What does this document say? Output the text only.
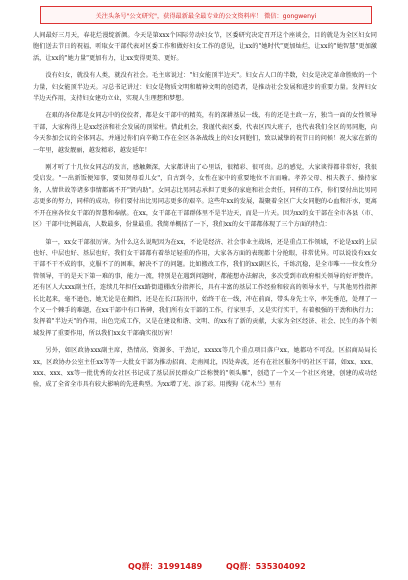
关注头条号"公文研究"，获得最新最全最专业的公文资料库！ 微信：gongwenyi

人间最好三月天，春花烂漫绽新颜。今天是第xxx个国际劳动妇女节，区委研究决定召开这个座谈会，目的就是为全区妇女同胞们送去节日的祝福，听取女干部代表对区委工作和做好妇女工作的意见，让xx的"她时代"更加灿烂，让xx的"她智慧"更加激活，让xx的"她力量"更加有力，让xx变得更美、更好。

没有妇女，就没有人类，就没有社会。毛主席说过："妇女能顶半边天"。妇女占人口的半数，妇女是决定革命胜败的一个力量，妇女能顶半边天。习总书记讲过：妇女是物质文明和精神文明的创造者，是推动社会发展和进步的重要力量。发挥妇女半边天作用，支持妇女建功立业，实现人生理想和梦想。

在艰的各位都是女同志中的佼佼者，都是女干部中的精英，有的深耕基层一线，有的还是主政一方，独当一面的女性领导干部，大家称得上是xx经济和社会发展的顶梁柱。借此机会，我谨代表区委，代表区四大班子，也代表我们全区的男同胞，向今天参加会议的全体同志，并通过你们向辛勤工作在全区各条战线上的妇女同胞们，致以诚挚的祝节日的问候！祝大家在新的一年里，越发靓丽，越发精彩，越发延年！

刚才听了十几位女同志的发言，感触颇深，大家都讲出了心里话，很精彩、很可贵。总的感觉，大家谈得都非常好，我很受启发。"一出新饭便知事，要知贤母看儿女"，自古到今，女性在家中的重要地位不言而喻。孝养父母、相夫教子、操持家务，人情世故等诸多事情都离不开"贤内助"。女同志比男同志承担了更多的家庭和社会责任，同样的工作，你们要付出比男同志更多的努力，同样的成功，你们要付出比男同志更多的艰辛。这些年xx的发展，凝聚着全区广大女同胞的心血和汗水，更离不开在座各位女干部的智慧和奉献。在xx，女干部在干部群体里不是半边天，而是一片天。因为xx的女干部在全市各县（市、区）干部中比例最高，人数最多，份量最重。我简单概括了一下，我们xx的女干部都体现了三个方面的特点：

第一，xx女干部很厉害。为什么这么说呢因为在xx，不论是经济、社会事业主战场，还是重点工作领域，不论是xx的上层也好、中层也好、基层也好，我们女干部都有着举足轻重的作用，大家各方面的表现都十分抢眼，非常优异。可以说没有xx女干部不干不成的事，克服不了的困难，解决不了的问题。比如搬改工作，我们的xx副区长，千练沉稳，是全市唯一一位女性分管领导，干的是天下第一难的事，能力一流，特别是在遇到问题时，都能想办法解决，多次受到市政府相关领导的好评赞许。还有区人大xxx副主任，连续几年担任xx路街道棚改分指挥长，具有丰富的基层工作经验和较高的领导水平，与其他男性指挥长比起来，毫不逊色，她无论是在拥挡，还是在长江防汛中，始终干在一线，冲在前面，带头身先士卒，率先垂范，处理了一个又一个棘手的难题，在xx干部中有口皆碑，我们所有女干部的工作，行家里手，又是实行实干，有着极强的干劲和执行力；发挥着"半边天"的作用，出色完成工作，又是在建设和谐、文明、的xx有了新的贡献，大家为全区经济、社会、民生的各个领域发挥了重要作用，所以我们xx女干部确实很厉害！

另外，如区政协xxx副主席，热情高、资源多、干劲足，xxxxx等几个重点项目落户xx，她都功不可没。区招商局局长xx，区政协办公室主任xx等等一大批女干部为推动招商、走南闯北，四处奔波，还有在社区服务中的社区干部，如xx、xxx、xxx、xxx、xx等一批优秀的女社区书记成了基层居民群众广泛称赞的"领头雁"，创造了一个又一个社区亮建，创建的成功经验，成了全省全市具有较大影响的先进典型。为xx增了光、添了彩。用搜狗《花木兰》里有

QQ群：31991489	QQ群：535304092
